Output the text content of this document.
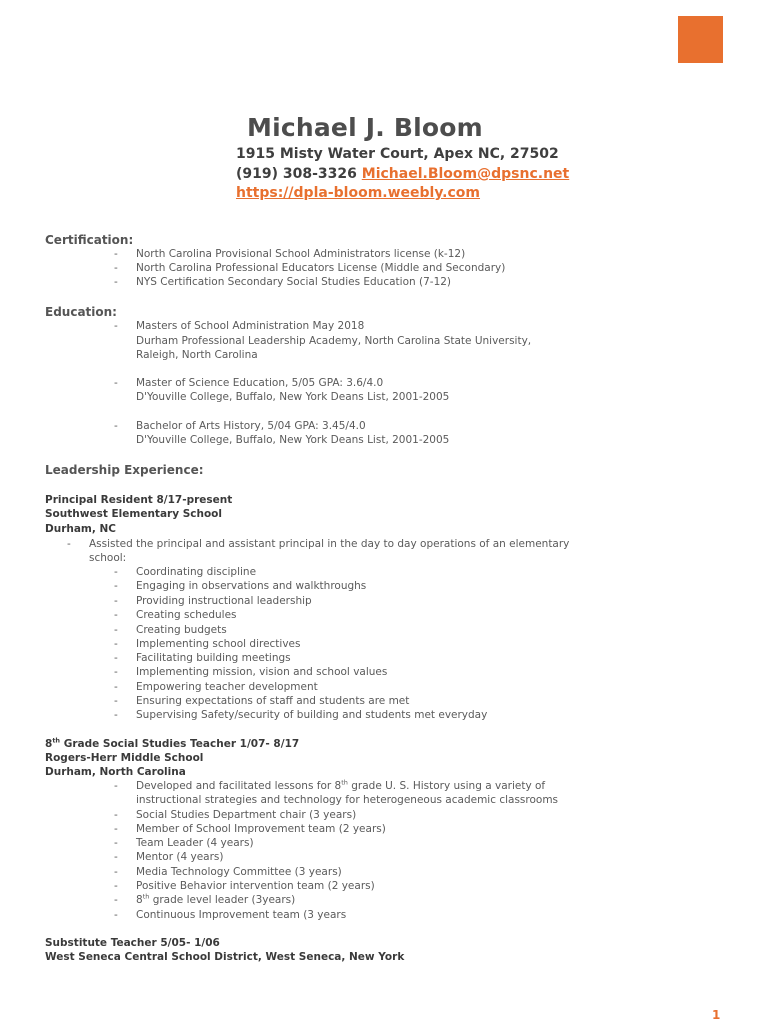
Michael J. Bloom
1915 Misty Water Court, Apex NC, 27502
(919) 308-3326 Michael.Bloom@dpsnc.net
https://dpla-bloom.weebly.com
Certification:
- North Carolina Provisional School Administrators license (k-12)
- North Carolina Professional Educators License (Middle and Secondary)
- NYS Certification Secondary Social Studies Education (7-12)
Education:
- Masters of School Administration May 2018
Durham Professional Leadership Academy, North Carolina State University,
Raleigh, North Carolina
- Master of Science Education, 5/05 GPA: 3.6/4.0
D'Youville College, Buffalo, New York Deans List, 2001-2005
- Bachelor of Arts History, 5/04 GPA: 3.45/4.0
D'Youville College, Buffalo, New York Deans List, 2001-2005
Leadership Experience:
Principal Resident 8/17-present
Southwest Elementary School
Durham, NC
- Assisted the principal and assistant principal in the day to day operations of an elementary
school:
- Coordinating discipline
- Engaging in observations and walkthroughs
- Providing instructional leadership
- Creating schedules
- Creating budgets
- Implementing school directives
- Facilitating building meetings
- Implementing mission, vision and school values
- Empowering teacher development
- Ensuring expectations of staff and students are met
- Supervising Safety/security of building and students met everyday
8th Grade Social Studies Teacher 1/07- 8/17
Rogers-Herr Middle School
Durham, North Carolina
- Developed and facilitated lessons for 8th grade U. S. History using a variety of
instructional strategies and technology for heterogeneous academic classrooms
- Social Studies Department chair (3 years)
- Member of School Improvement team (2 years)
- Team Leader (4 years)
- Mentor (4 years)
- Media Technology Committee (3 years)
- Positive Behavior intervention team (2 years)
- 8th grade level leader (3years)
- Continuous Improvement team (3 years
Substitute Teacher 5/05- 1/06
West Seneca Central School District, West Seneca, New York
1
